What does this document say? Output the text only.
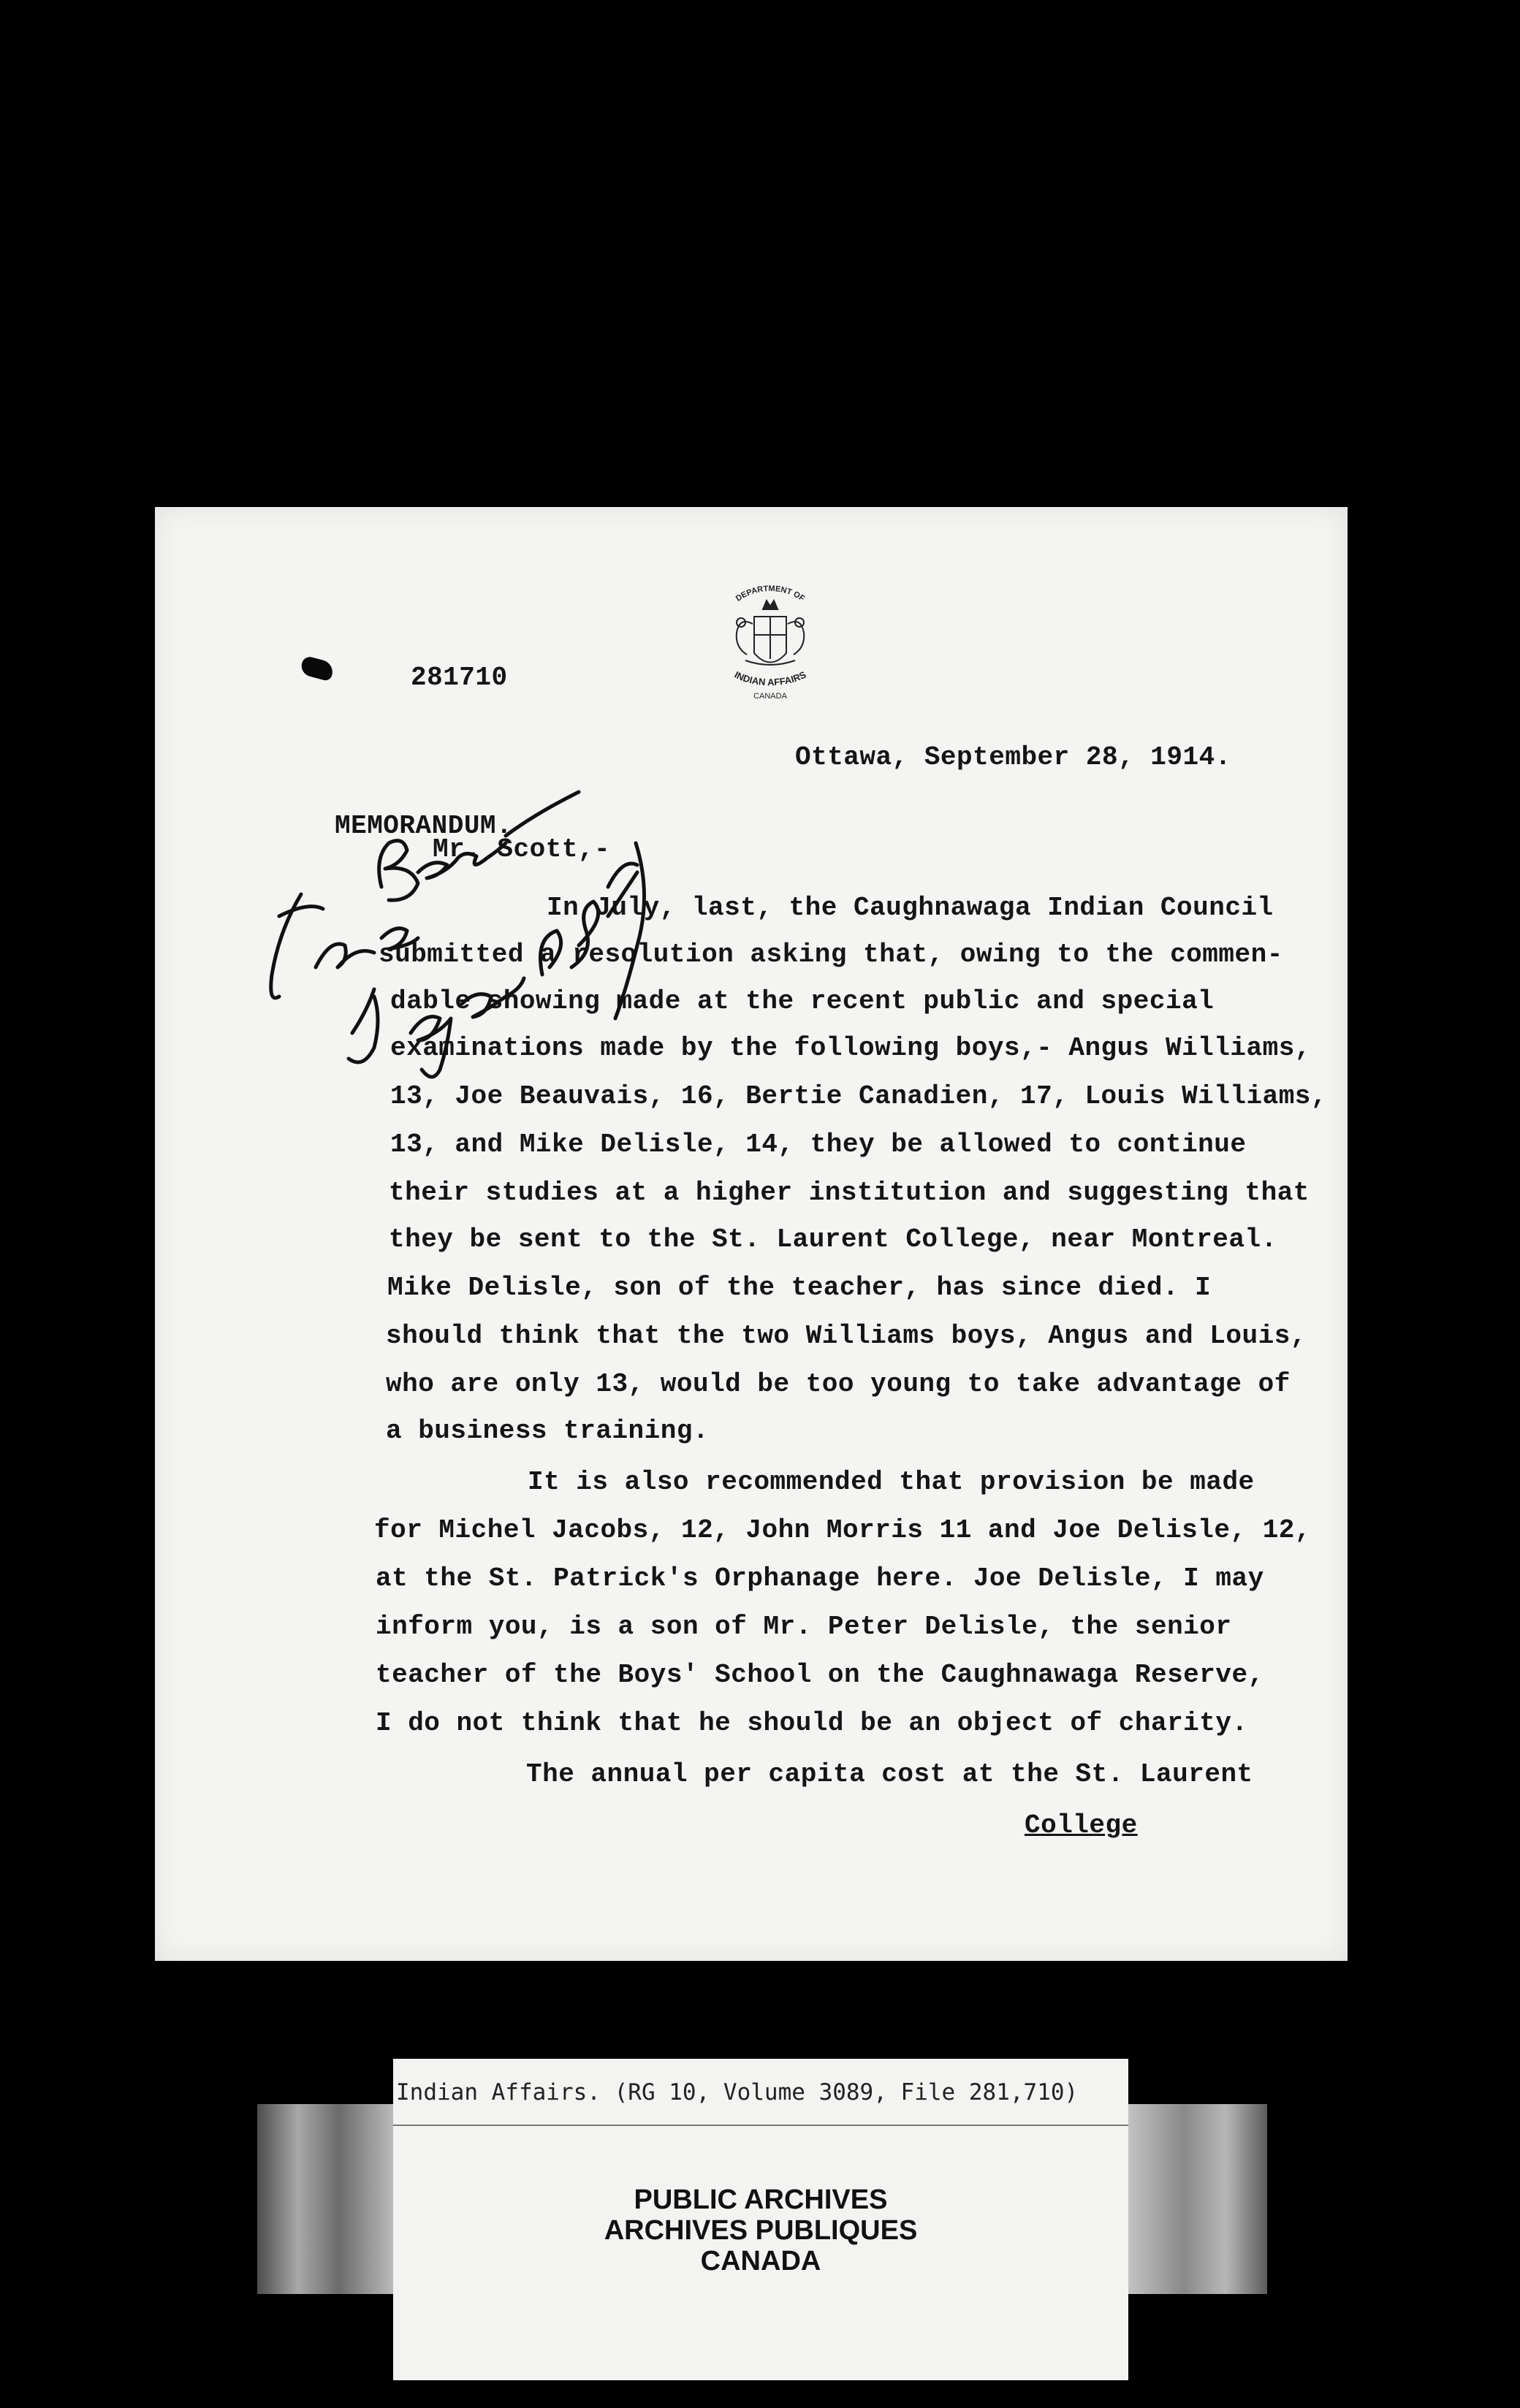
281710
DEPARTMENT OF
INDIAN AFFAIRS
CANADA
Ottawa, September 28, 1914.
MEMORANDUM.
Mr. Scott,-
In July, last, the Caughnawaga Indian Council
submitted a resolution asking that, owing to the commen-
dable showing made at the recent public and special
examinations made by the following boys,- Angus Williams,
13, Joe Beauvais, 16, Bertie Canadien, 17, Louis Williams,
13, and Mike Delisle, 14, they be allowed to continue
their studies at a higher institution and suggesting that
they be sent to the St. Laurent College, near Montreal.
Mike Delisle, son of the teacher, has since died. I
should think that the two Williams boys, Angus and Louis,
who are only 13, would be too young to take advantage of
a business training.
It is also recommended that provision be made
for Michel Jacobs, 12, John Morris 11 and Joe Delisle, 12,
at the St. Patrick's Orphanage here. Joe Delisle, I may
inform you, is a son of Mr. Peter Delisle, the senior
teacher of the Boys' School on the Caughnawaga Reserve,
I do not think that he should be an object of charity.
The annual per capita cost at the St. Laurent
College
Indian Affairs. (RG 10, Volume 3089, File 281,710)
PUBLIC ARCHIVES
ARCHIVES PUBLIQUES
CANADA
